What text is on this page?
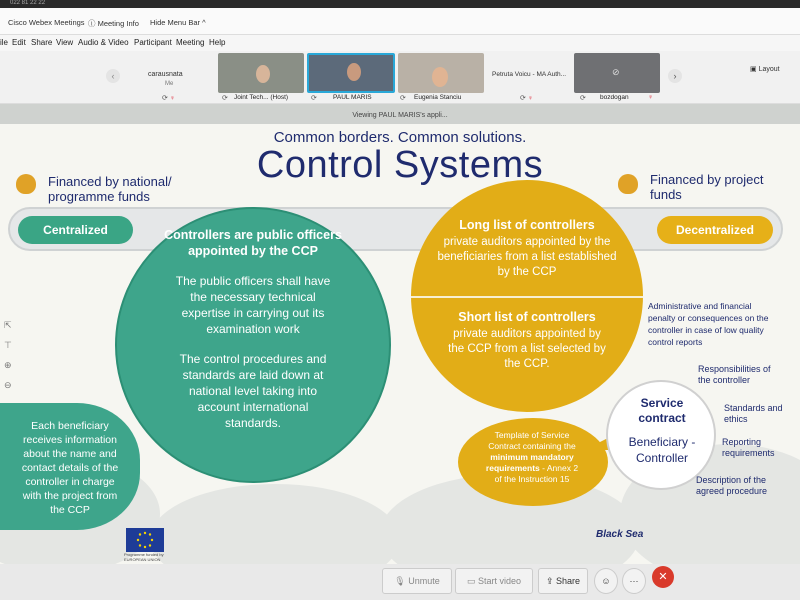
Cisco Webex Meetings ⓘ Meeting Info Hide Menu Bar ^
022 81 22 22
ile Edit Share View Audio & Video Participant Meeting Help
‹	carausnata
Me
⟳ ♀	⟳ Joint Tech... (Host)	⟳ PAUL MARIS	⟳ Eugenia Stanciu
Petruta Voicu - MA Auth...
⟳ ♀
⊘
⟳ bozdogan	♀
›
▣ Layout
Viewing PAUL MARIS's appli...
Common borders. Common solutions.
Control Systems
Financed by national/
programme funds
Financed by project
funds
Centralized	Decentralized
Each beneficiary
receives information
about the name and
contact details of the
controller in charge
with the project from
the CCP
Controllers are public officers
appointed by the CCP
The public officers shall have
the necessary technical
expertise in carrying out its
examination work
The control procedures and
standards are laid down at
national level taking into
account international
standards.
Long list of controllers
private auditors appointed by the
beneficiaries from a list established
by the CCP
Short list of controllers
private auditors appointed by
the CCP from a list selected by
the CCP.
Administrative and financial
penalty or consequences on the
controller in case of low quality
control reports
Template of Service
Contract containing the
minimum mandatory
requirements - Annex 2
of the Instruction 15
Service
contract
Beneficiary -
Controller
Responsibilities of
the controller
Standards and
ethics
Reporting
requirements
Description of the
agreed procedure
Programme funded by EUROPEAN UNION
Black Sea
⇱
⊤
⊕
⊖
🎙 Unmute	▭ Start video	⇪ Share	☺	···	✕
